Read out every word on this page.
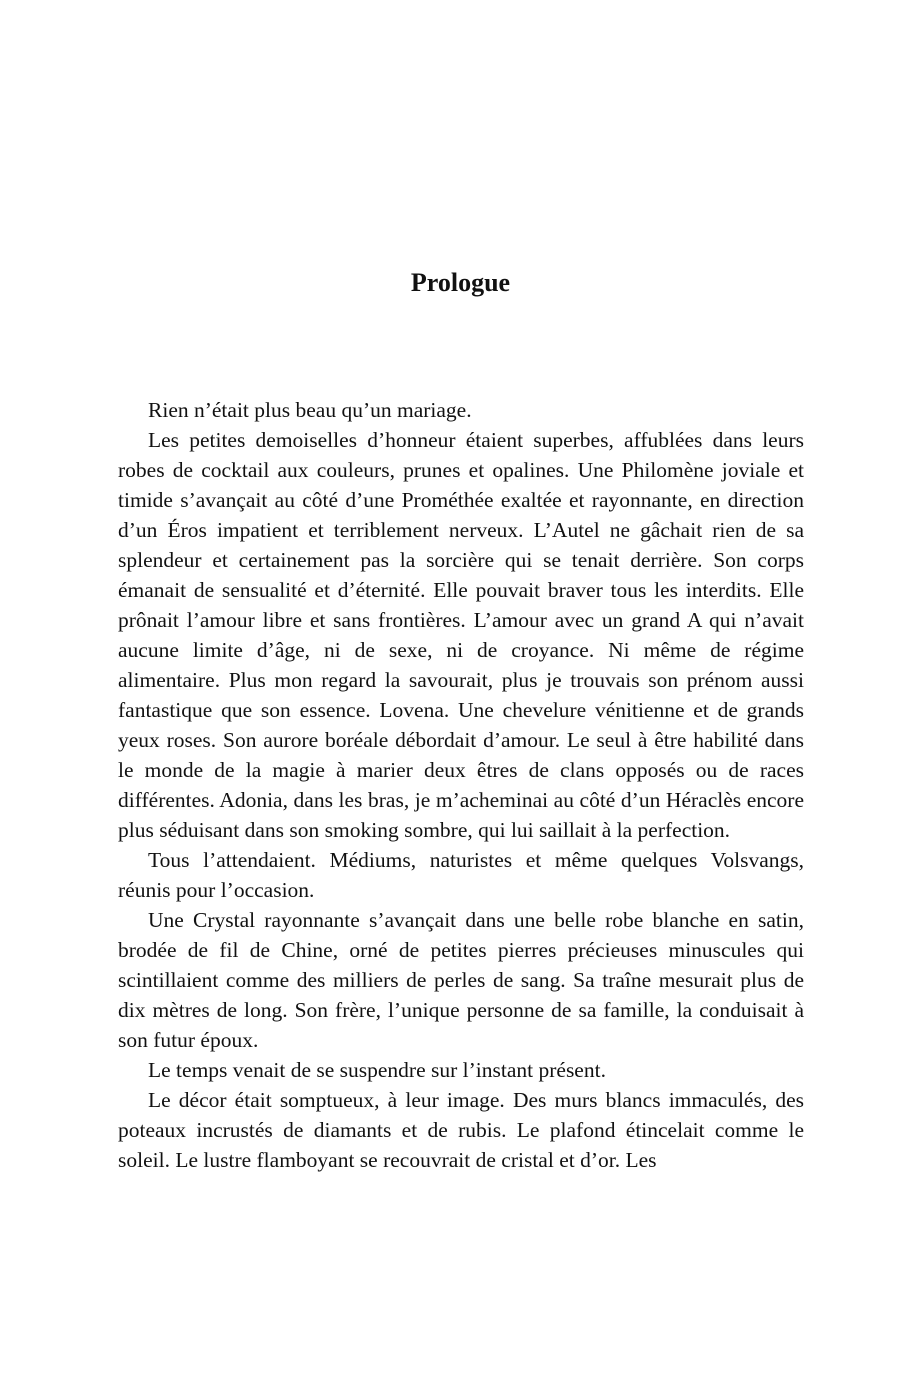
Prologue

Rien n’était plus beau qu’un mariage.

Les petites demoiselles d’honneur étaient superbes, affublées dans leurs robes de cocktail aux couleurs, prunes et opalines. Une Philomène joviale et timide s’avançait au côté d’une Prométhée exaltée et rayonnante, en direction d’un Éros impatient et terriblement nerveux. L’Autel ne gâchait rien de sa splendeur et certainement pas la sorcière qui se tenait derrière. Son corps émanait de sensualité et d’éternité. Elle pouvait braver tous les interdits. Elle prônait l’amour libre et sans frontières. L’amour avec un grand A qui n’avait aucune limite d’âge, ni de sexe, ni de croyance. Ni même de régime alimentaire. Plus mon regard la savourait, plus je trouvais son prénom aussi fantastique que son essence. Lovena. Une chevelure vénitienne et de grands yeux roses. Son aurore boréale débordait d’amour. Le seul à être habilité dans le monde de la magie à marier deux êtres de clans opposés ou de races différentes. Adonia, dans les bras, je m’acheminai au côté d’un Héraclès encore plus séduisant dans son smoking sombre, qui lui saillait à la perfection.

Tous l’attendaient. Médiums, naturistes et même quelques Volsvangs, réunis pour l’occasion.

Une Crystal rayonnante s’avançait dans une belle robe blanche en satin, brodée de fil de Chine, orné de petites pierres précieuses minuscules qui scintillaient comme des milliers de perles de sang. Sa traîne mesurait plus de dix mètres de long. Son frère, l’unique personne de sa famille, la conduisait à son futur époux.

Le temps venait de se suspendre sur l’instant présent.

Le décor était somptueux, à leur image. Des murs blancs immaculés, des poteaux incrustés de diamants et de rubis. Le plafond étincelait comme le soleil. Le lustre flamboyant se recouvrait de cristal et d’or. Les
